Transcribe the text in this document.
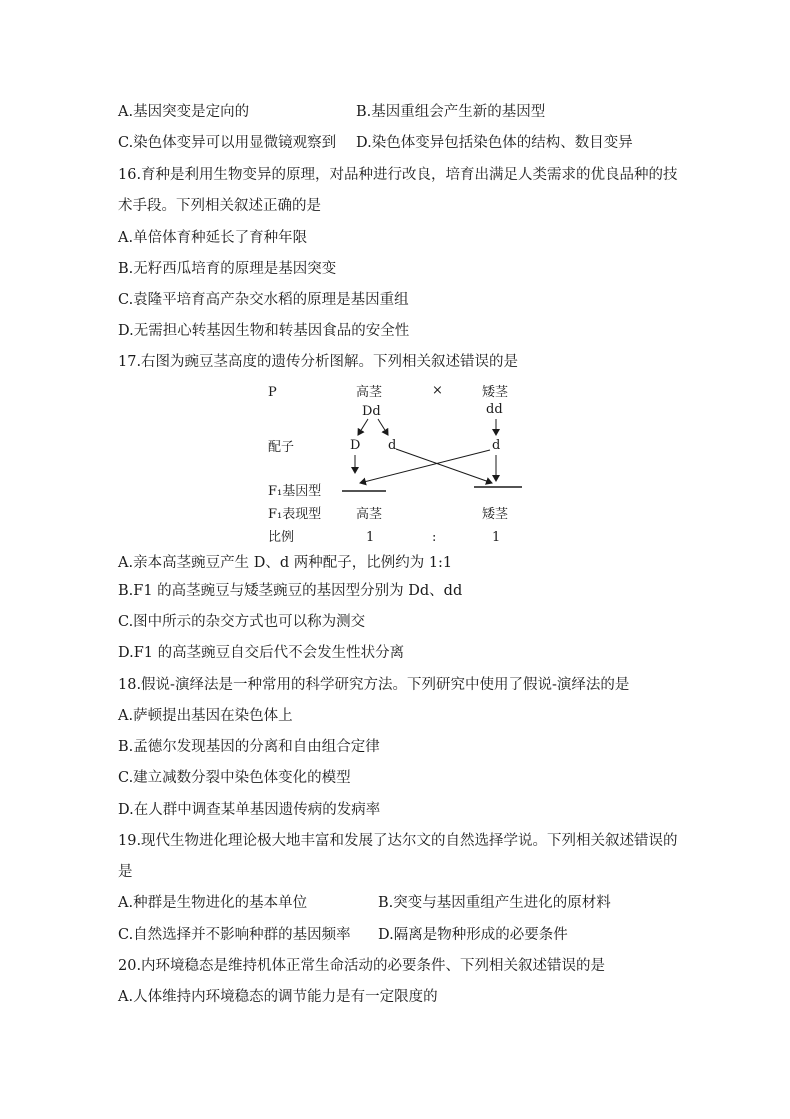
A.基因突变是定向的	B.基因重组会产生新的基因型
C.染色体变异可以用显微镜观察到 D.染色体变异包括染色体的结构、数目变异
16.育种是利用生物变异的原理，对品种进行改良，培育出满足人类需求的优良品种的技
术手段。下列相关叙述正确的是
A.单倍体育种延长了育种年限
B.无籽西瓜培育的原理是基因突变
C.袁隆平培育高产杂交水稻的原理是基因重组
D.无需担心转基因生物和转基因食品的安全性
17.右图为豌豆茎高度的遗传分析图解。下列相关叙述错误的是
P	高茎	×	矮茎
Dd	dd
配子	D d	d
F₁基因型
F₁表现型	高茎	矮茎
比例	1	:	1
A.亲本高茎豌豆产生 D、d 两种配子，比例约为 1:1
B.F1 的高茎豌豆与矮茎豌豆的基因型分别为 Dd、dd
C.图中所示的杂交方式也可以称为测交
D.F1 的高茎豌豆自交后代不会发生性状分离
18.假说-演绎法是一种常用的科学研究方法。下列研究中使用了假说-演绎法的是
A.萨顿提出基因在染色体上
B.孟德尔发现基因的分离和自由组合定律
C.建立减数分裂中染色体变化的模型
D.在人群中调查某单基因遗传病的发病率
19.现代生物进化理论极大地丰富和发展了达尔文的自然选择学说。下列相关叙述错误的
是
A.种群是生物进化的基本单位	B.突变与基因重组产生进化的原材料
C.自然选择并不影响种群的基因频率 D.隔离是物种形成的必要条件
20.内环境稳态是维持机体正常生命活动的必要条件、下列相关叙述错误的是
A.人体维持内环境稳态的调节能力是有一定限度的
